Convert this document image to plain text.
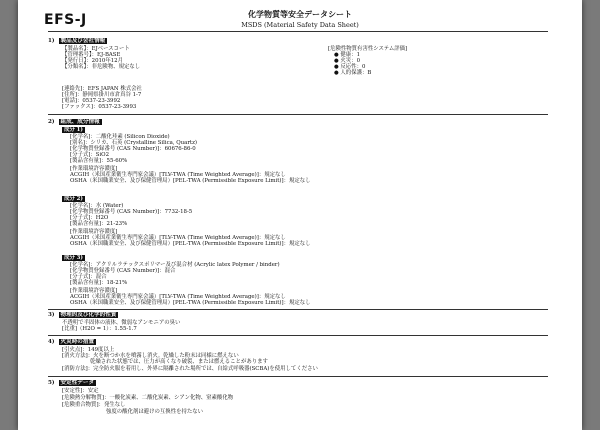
EFS-J	化学物質等安全データシート
MSDS (Material Safety Data Sheet)
1) 製品及び会社情報
【製品名】：EJベースコート
【管理番号】：EJ-BASE
【発行日】：2010年12月
【分類名】：非危険物、規定なし
[危険性物質有害性システム評価]
● 健康：1
● 火災：0
● 反応性：0
● 人的保護：B
[連絡先]：EFS JAPAN 株式会社
[住所]：静岡県掛川市倉真谷 1-7
[電話]：0537-23-3992
[ファックス]：0537-23-3993
2) 組成、成分情報
成分 1)
[化学名]：二酸化珪素 (Silicon Dioxide)
[別名]：シリカ、石英 (Crystalline Silica, Quartz)
[化学物質登録番号 (CAS Number)]：60676-86-0
[分子式]：SiO2
[製品含有量]：55-60%
[作業環境許容濃度]
ACGIH（米国産業衛生専門家会議）[TLV-TWA (Time Weighted Average)]：規定なし
OSHA（米国職業安全、及び保健管理局）[PEL-TWA (Permissible Exposure Limit)]：規定なし
成分 2)
[化学名]：水 (Water)
[化学物質登録番号 (CAS Number)]：7732-18-5
[分子式]：H2O
[製品含有量]：21-23%
[作業環境許容濃度]
ACGIH（米国産業衛生専門家会議）[TLV-TWA (Time Weighted Average)]：規定なし
OSHA（米国職業安全、及び保健管理局）[PEL-TWA (Permissible Exposure Limit)]：規定なし
成分 3)
[化学名]：アクリルラテックスポリマー及び混合材 (Acrylic latex Polymer / binder)
[化学物質登録番号 (CAS Number)]：混合
[分子式]：混合
[製品含有量]：18-21%
[作業環境許容濃度]
ACGIH（米国産業衛生専門家会議）[TLV-TWA (Time Weighted Average)]：規定なし
OSHA（米国職業安全、及び保健管理局）[PEL-TWA (Permissible Exposure Limit)]：規定なし
3) 物理的及び化学的性質
不透明で半固体の液体、微弱なアンモニアの臭い
[比重]（H2O = 1）：1.55-1.7
4) 火災時の措置
[引火点]：149度以上
[消火方法]：火を断つか水を噴霧し消火。乾燥した粉末は同様に燃えない
乾燥された状態では、圧力が高くなり破裂、または燃えることがあります
[消防方法]：完全防火服を着用し、外界に隔離された場所では、自給式呼吸器(SCBA)を使用してください
5) 安定性データ
[安定性]：安定
[危険熱分解物質]：一酸化炭素、二酸化炭素、シアン化物、窒素酸化物
[危険重合物質]：発生なし
強度の酸化剤は避けの互換性を持たない
